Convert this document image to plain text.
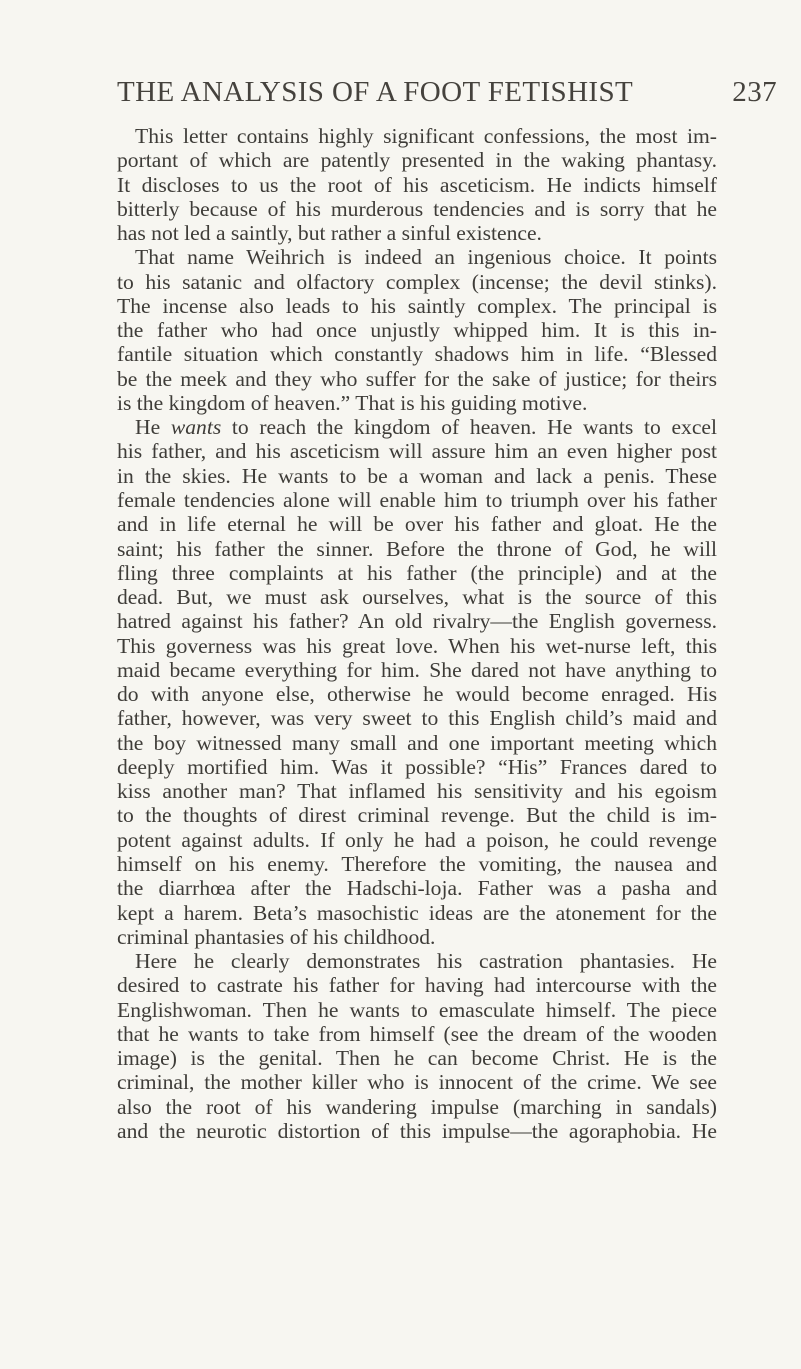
THE ANALYSIS OF A FOOT FETISHIST	237
This letter contains highly significant confessions, the most im-
portant of which are patently presented in the waking phantasy.
It discloses to us the root of his asceticism. He indicts himself
bitterly because of his murderous tendencies and is sorry that he
has not led a saintly, but rather a sinful existence.
That name Weihrich is indeed an ingenious choice. It points
to his satanic and olfactory complex (incense; the devil stinks).
The incense also leads to his saintly complex. The principal is
the father who had once unjustly whipped him. It is this in-
fantile situation which constantly shadows him in life. “Blessed
be the meek and they who suffer for the sake of justice; for theirs
is the kingdom of heaven.” That is his guiding motive.
He wants to reach the kingdom of heaven. He wants to excel
his father, and his asceticism will assure him an even higher post
in the skies. He wants to be a woman and lack a penis. These
female tendencies alone will enable him to triumph over his father
and in life eternal he will be over his father and gloat. He the
saint; his father the sinner. Before the throne of God, he will
fling three complaints at his father (the principle) and at the
dead. But, we must ask ourselves, what is the source of this
hatred against his father? An old rivalry—the English governess.
This governess was his great love. When his wet-nurse left, this
maid became everything for him. She dared not have anything to
do with anyone else, otherwise he would become enraged. His
father, however, was very sweet to this English child’s maid and
the boy witnessed many small and one important meeting which
deeply mortified him. Was it possible? “His” Frances dared to
kiss another man? That inflamed his sensitivity and his egoism
to the thoughts of direst criminal revenge. But the child is im-
potent against adults. If only he had a poison, he could revenge
himself on his enemy. Therefore the vomiting, the nausea and
the diarrhœa after the Hadschi-loja. Father was a pasha and
kept a harem. Beta’s masochistic ideas are the atonement for the
criminal phantasies of his childhood.
Here he clearly demonstrates his castration phantasies. He
desired to castrate his father for having had intercourse with the
Englishwoman. Then he wants to emasculate himself. The piece
that he wants to take from himself (see the dream of the wooden
image) is the genital. Then he can become Christ. He is the
criminal, the mother killer who is innocent of the crime. We see
also the root of his wandering impulse (marching in sandals)
and the neurotic distortion of this impulse—the agoraphobia. He
